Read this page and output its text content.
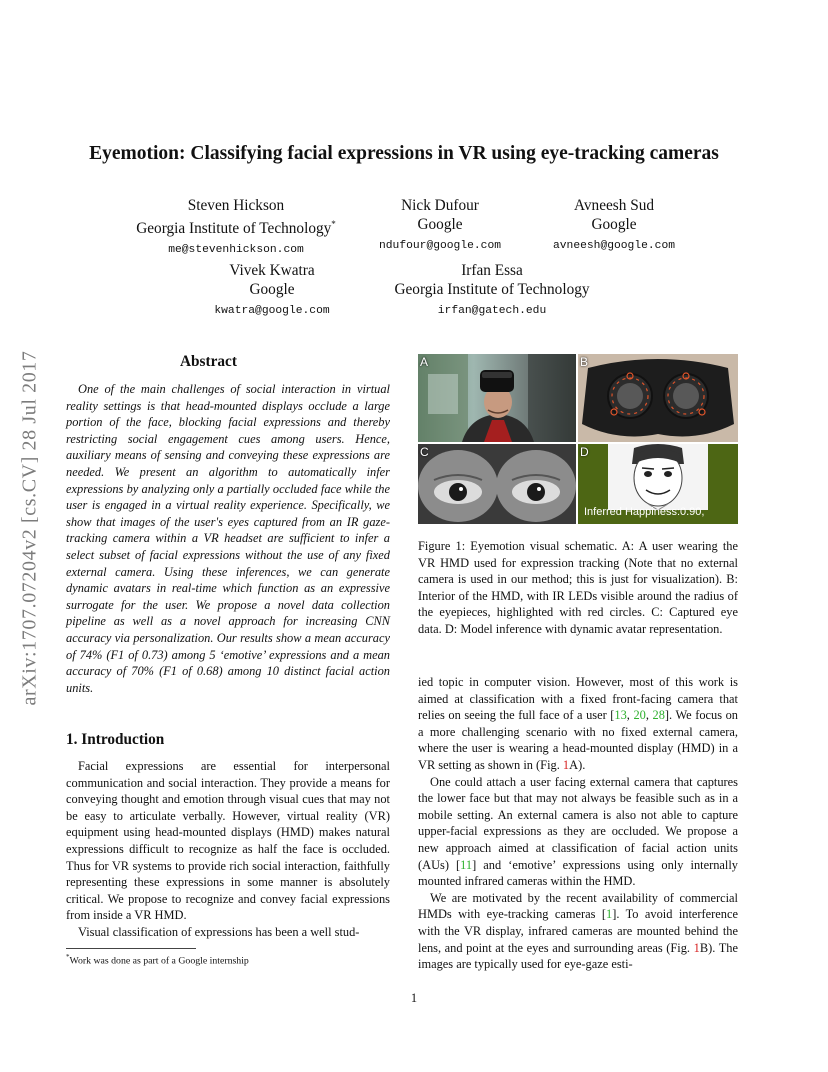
arXiv:1707.07204v2 [cs.CV] 28 Jul 2017
Eyemotion: Classifying facial expressions in VR using eye-tracking cameras
Steven Hickson
Georgia Institute of Technology*
me@stevenhickson.com
Nick Dufour
Google
ndufour@google.com
Avneesh Sud
Google
avneesh@google.com
Vivek Kwatra
Google
kwatra@google.com
Irfan Essa
Georgia Institute of Technology
irfan@gatech.edu
Abstract

One of the main challenges of social interaction in virtual reality settings is that head-mounted displays occlude a large portion of the face, blocking facial expressions and thereby restricting social engagement cues among users. Hence, auxiliary means of sensing and conveying these expressions are needed. We present an algorithm to automatically infer expressions by analyzing only a partially occluded face while the user is engaged in a virtual reality experience. Specifically, we show that images of the user's eyes captured from an IR gaze-tracking camera within a VR headset are sufficient to infer a select subset of facial expressions without the use of any fixed external camera. Using these inferences, we can generate dynamic avatars in real-time which function as an expressive surrogate for the user. We propose a novel data collection pipeline as well as a novel approach for increasing CNN accuracy via personalization. Our results show a mean accuracy of 74% (F1 of 0.73) among 5 ‘emotive’ expressions and a mean accuracy of 70% (F1 of 0.68) among 10 distinct facial action units.

1. Introduction

Facial expressions are essential for interpersonal communication and social interaction. They provide a means for conveying thought and emotion through visual cues that may not be easy to articulate verbally. However, virtual reality (VR) equipment using head-mounted displays (HMD) makes natural expressions difficult to recognize as half the face is occluded. Thus for VR systems to provide rich social interaction, faithfully representing these expressions in some manner is absolutely critical. We propose to recognize and convey facial expressions from inside a VR HMD.

Visual classification of expressions has been a well stud-

*Work was done as part of a Google internship
A	B
C	D
Inferred Happiness:0.90,
Figure 1: Eyemotion visual schematic. A: A user wearing the VR HMD used for expression tracking (Note that no external camera is used in our method; this is just for visualization). B: Interior of the HMD, with IR LEDs visible around the radius of the eyepieces, highlighted with red circles. C: Captured eye data. D: Model inference with dynamic avatar representation.

ied topic in computer vision. However, most of this work is aimed at classification with a fixed front-facing camera that relies on seeing the full face of a user [13, 20, 28]. We focus on a more challenging scenario with no fixed external camera, where the user is wearing a head-mounted display (HMD) in a VR setting as shown in (Fig. 1A).

One could attach a user facing external camera that captures the lower face but that may not always be feasible such as in a mobile setting. An external camera is also not able to capture upper-facial expressions as they are occluded. We propose a new approach aimed at classification of facial action units (AUs) [11] and ‘emotive’ expressions using only internally mounted infrared cameras within the HMD.

We are motivated by the recent availability of commercial HMDs with eye-tracking cameras [1]. To avoid interference with the VR display, infrared cameras are mounted behind the lens, and point at the eyes and surrounding areas (Fig. 1B). The images are typically used for eye-gaze esti-

1
